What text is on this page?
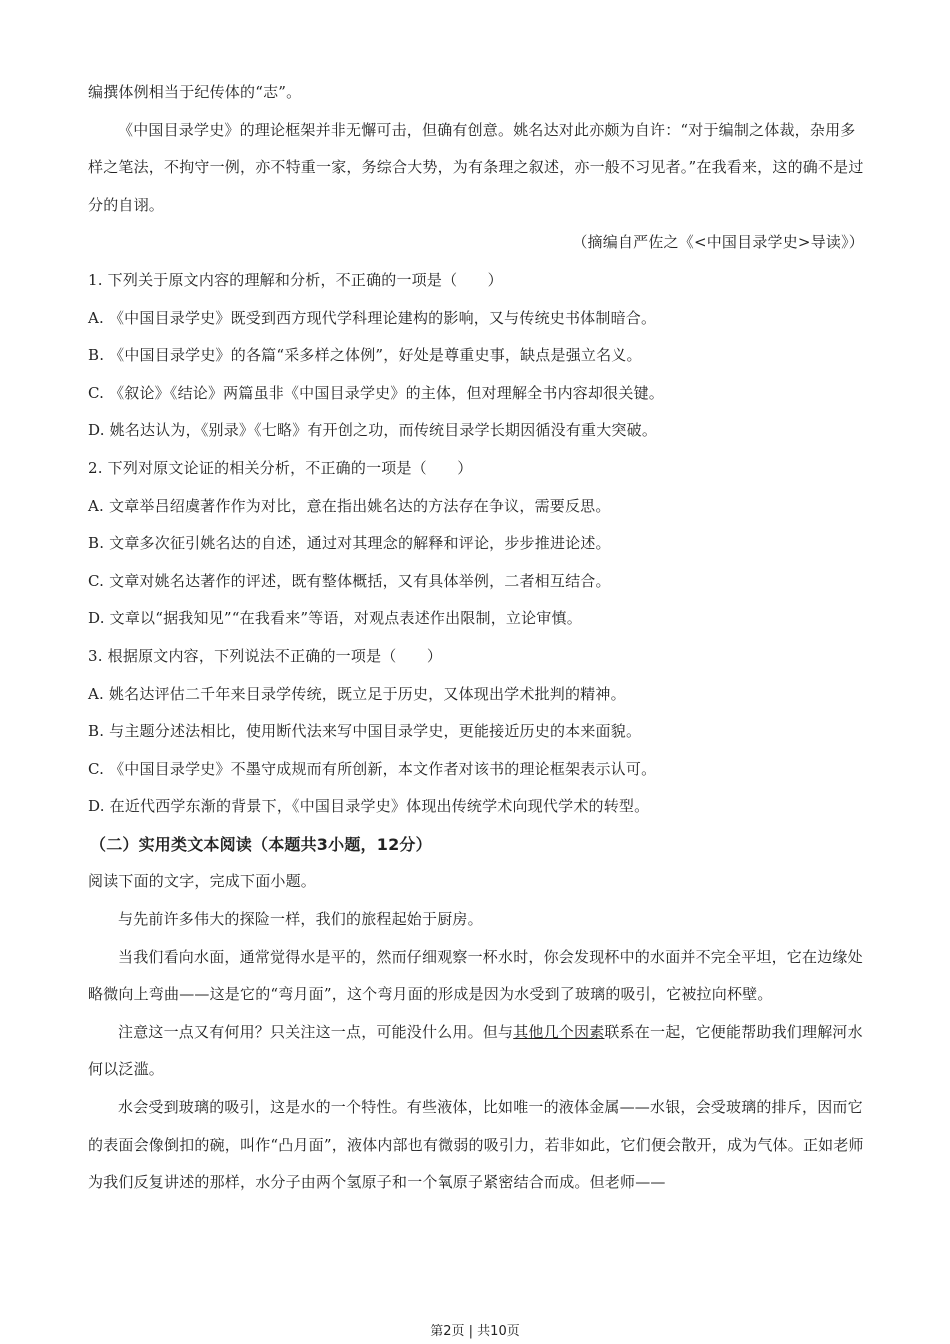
编撰体例相当于纪传体的“志”。

《中国目录学史》的理论框架并非无懈可击，但确有创意。姚名达对此亦颇为自许：“对于编制之体裁，杂用多样之笔法，不拘守一例，亦不特重一家，务综合大势，为有条理之叙述，亦一般不习见者。”在我看来，这的确不是过分的自诩。

（摘编自严佐之《<中国目录学史>导读》）

1. 下列关于原文内容的理解和分析，不正确的一项是（　　）

A. 《中国目录学史》既受到西方现代学科理论建构的影响，又与传统史书体制暗合。

B. 《中国目录学史》的各篇“采多样之体例”，好处是尊重史事，缺点是强立名义。

C. 《叙论》《结论》两篇虽非《中国目录学史》的主体，但对理解全书内容却很关键。

D. 姚名达认为，《别录》《七略》有开创之功，而传统目录学长期因循没有重大突破。

2. 下列对原文论证的相关分析，不正确的一项是（　　）

A. 文章举吕绍虞著作作为对比，意在指出姚名达的方法存在争议，需要反思。

B. 文章多次征引姚名达的自述，通过对其理念的解释和评论，步步推进论述。

C. 文章对姚名达著作的评述，既有整体概括，又有具体举例，二者相互结合。

D. 文章以“据我知见”“在我看来”等语，对观点表述作出限制，立论审慎。

3. 根据原文内容，下列说法不正确的一项是（　　）

A. 姚名达评估二千年来目录学传统，既立足于历史，又体现出学术批判的精神。

B. 与主题分述法相比，使用断代法来写中国目录学史，更能接近历史的本来面貌。

C. 《中国目录学史》不墨守成规而有所创新，本文作者对该书的理论框架表示认可。

D. 在近代西学东渐的背景下，《中国目录学史》体现出传统学术向现代学术的转型。

（二）实用类文本阅读（本题共3小题，12分）

阅读下面的文字，完成下面小题。

与先前许多伟大的探险一样，我们的旅程起始于厨房。

当我们看向水面，通常觉得水是平的，然而仔细观察一杯水时，你会发现杯中的水面并不完全平坦，它在边缘处略微向上弯曲——这是它的“弯月面”，这个弯月面的形成是因为水受到了玻璃的吸引，它被拉向杯壁。

注意这一点又有何用？只关注这一点，可能没什么用。但与其他几个因素联系在一起，它便能帮助我们理解河水何以泛滥。

水会受到玻璃的吸引，这是水的一个特性。有些液体，比如唯一的液体金属——水银，会受玻璃的排斥，因而它的表面会像倒扣的碗，叫作“凸月面”，液体内部也有微弱的吸引力，若非如此，它们便会散开，成为气体。正如老师为我们反复讲述的那样，水分子由两个氢原子和一个氧原子紧密结合而成。但老师——

第2页 | 共10页
